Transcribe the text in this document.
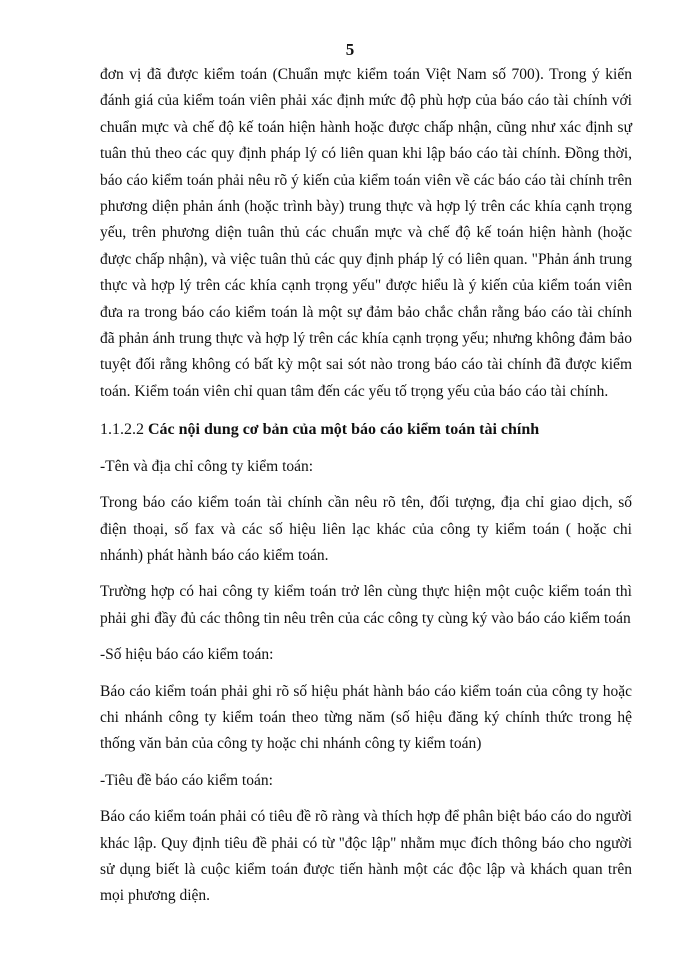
5

đơn vị đã được kiểm toán (Chuẩn mực kiểm toán Việt Nam số 700). Trong ý kiến đánh giá của kiểm toán viên phải xác định mức độ phù hợp của báo cáo tài chính với chuẩn mực và chế độ kế toán hiện hành hoặc được chấp nhận, cũng như xác định sự tuân thủ theo các quy định pháp lý có liên quan khi lập báo cáo tài chính. Đồng thời, báo cáo kiểm toán phải nêu rõ ý kiến của kiểm toán viên về các báo cáo tài chính trên phương diện phản ánh (hoặc trình bày) trung thực và hợp lý trên các khía cạnh trọng yếu, trên phương diện tuân thủ các chuẩn mực và chế độ kế toán hiện hành (hoặc được chấp nhận), và việc tuân thủ các quy định pháp lý có liên quan. "Phản ánh trung thực và hợp lý trên các khía cạnh trọng yếu" được hiểu là ý kiến của kiểm toán viên đưa ra trong báo cáo kiểm toán là một sự đảm bảo chắc chắn rằng báo cáo tài chính đã phản ánh trung thực và hợp lý trên các khía cạnh trọng yếu; nhưng không đảm bảo tuyệt đối rằng không có bất kỳ một sai sót nào trong báo cáo tài chính đã được kiểm toán. Kiểm toán viên chỉ quan tâm đến các yếu tố trọng yếu của báo cáo tài chính.

1.1.2.2 Các nội dung cơ bản của một báo cáo kiểm toán tài chính

-Tên và địa chỉ công ty kiểm toán:

Trong báo cáo kiểm toán tài chính cần nêu rõ tên, đối tượng, địa chỉ giao dịch, số điện thoại, số fax và các số hiệu liên lạc khác của công ty kiểm toán ( hoặc chi nhánh) phát hành báo cáo kiểm toán.

Trường hợp có hai công ty kiểm toán trở lên cùng thực hiện một cuộc kiểm toán thì phải ghi đầy đủ các thông tin nêu trên của các công ty cùng ký vào báo cáo kiểm toán

-Số hiệu báo cáo kiểm toán:

Báo cáo kiểm toán phải ghi rõ số hiệu phát hành báo cáo kiểm toán của công ty hoặc chi nhánh công ty kiểm toán theo từng năm (số hiệu đăng ký chính thức trong hệ thống văn bản của công ty hoặc chi nhánh công ty kiểm toán)

-Tiêu đề báo cáo kiểm toán:

Báo cáo kiểm toán phải có tiêu đề rõ ràng và thích hợp để phân biệt báo cáo do người khác lập. Quy định tiêu đề phải có từ ''độc lập'' nhằm mục đích thông báo cho người sử dụng biết là cuộc kiểm toán được tiến hành một các độc lập và khách quan trên mọi phương diện.
